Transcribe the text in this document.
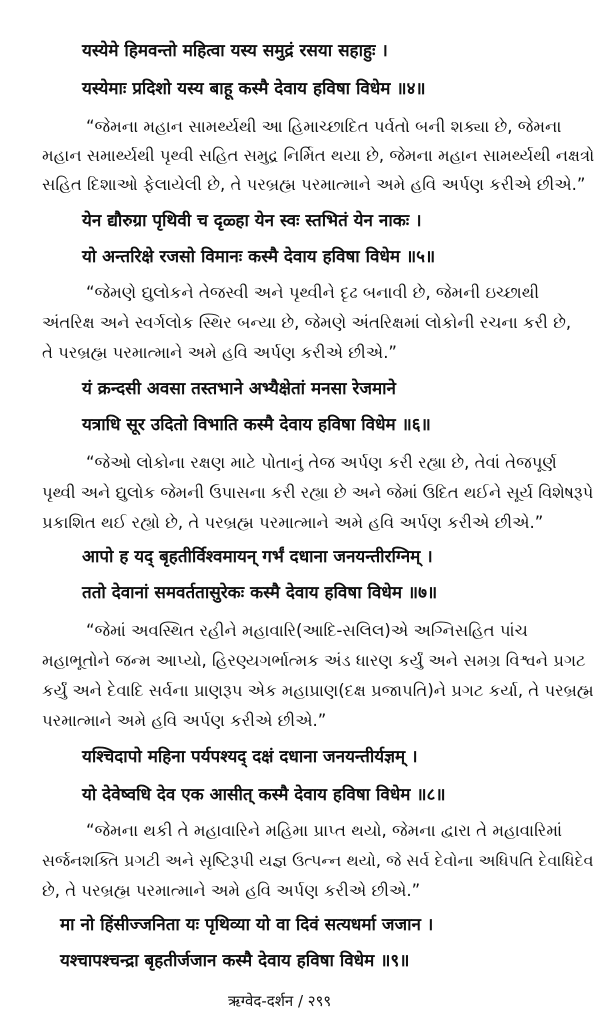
यस्येमे हिमवन्तो महित्वा यस्य समुद्रं रसया सहाहुः ।
यस्येमाः प्रदिशो यस्य बाहू कस्मै देवाय हविषा विधेम ॥४॥
“જેમના મહાન સામર્થ્યથી આ હિમાચ્છાદિત પર્વતો બની શક્યા છે, જેમના
મહાન સમાર્થ્યથી પૃથ્વી સહિત સમુદ્ર નિર્મિત થયા છે, જેમના મહાન સામર્થ્યથી નક્ષત્રો
સહિત દિશાઓ ફેલાયેલી છે, તે પરબ્રહ્મ પરમાત્માને અમે હવિ અર્પણ કરીએ છીએ.”
येन द्यौरुग्रा पृथिवी च दृळ्हा येन स्वः स्तभितं येन नाकः ।
यो अन्तरिक्षे रजसो विमानः कस्मै देवाय हविषा विधेम ॥५॥
“જેમણે દ્યુલોકને તેજસ્વી અને પૃથ્વીને દૃઢ બનાવી છે, જેમની ઇચ્છાથી
અંતરિક્ષ અને સ્વર્ગલોક સ્થિર બન્યા છે, જેમણે અંતરિક્ષમાં લોકોની રચના કરી છે,
તે પરબ્રહ્મ પરમાત્માને અમે હવિ અર્પણ કરીએ છીએ.”
यं क्रन्दसी अवसा तस्तभाने अभ्यैक्षेतां मनसा रेजमाने
यत्राधि सूर उदितो विभाति कस्मै देवाय हविषा विधेम ॥६॥
“જેઓ લોકોના રક્ષણ માટે પોતાનું તેજ અર્પણ કરી રહ્યા છે, તેવાં તેજપૂર્ણ
પૃથ્વી અને દ્યુલોક જેમની ઉપાસના કરી રહ્યા છે અને જેમાં ઉદિત થઈને સૂર્ય વિશેષરૂપે
પ્રકાશિત થઈ રહ્યો છે, તે પરબ્રહ્મ પરમાત્માને અમે હવિ અર્પણ કરીએ છીએ.”
आपो ह यद् बृहतीर्विश्वमायन् गर्भं दधाना जनयन्तीरग्निम् ।
ततो देवानां समवर्ततासुरेकः कस्मै देवाय हविषा विधेम ॥७॥
“જેમાં અવસ્થિત રહીને મહાવારિ(આદિ-સલિલ)એ અગ્નિસહિત પાંચ
મહાભૂતોને જન્મ આપ્યો, હિરણ્યગર્ભાત્મક અંડ ધારણ કર્યું અને સમગ્ર વિશ્વને પ્રગટ
કર્યું અને દેવાદિ સર્વના પ્રાણરૂપ એક મહાપ્રાણ(દક્ષ પ્રજાપતિ)ને પ્રગટ કર્યા, તે પરબ્રહ્મ
પરમાત્માને અમે હવિ અર્પણ કરીએ છીએ.”
यश्चिदापो महिना पर्यपश्यद् दक्षं दधाना जनयन्तीर्यज्ञम् ।
यो देवेष्वधि देव एक आसीत् कस्मै देवाय हविषा विधेम ॥८॥
“જેમના થકી તે મહાવારિને મહિમા પ્રાપ્ત થયો, જેમના દ્વારા તે મહાવારિમાં
સર્જનશક્તિ પ્રગટી અને સૃષ્ટિરૂપી યજ્ઞ ઉત્પન્ન થયો, જે સર્વ દેવોના અધિપતિ દેવાધિદેવ
છે, તે પરબ્રહ્મ પરમાત્માને અમે હવિ અર્પણ કરીએ છીએ.”
मा नो हिंसीज्जनिता यः पृथिव्या यो वा दिवं सत्यधर्मा जजान ।
यश्चापश्चन्द्रा बृहतीर्जजान कस्मै देवाय हविषा विधेम ॥९॥
ऋग्वेद-दर्शन / २९९
